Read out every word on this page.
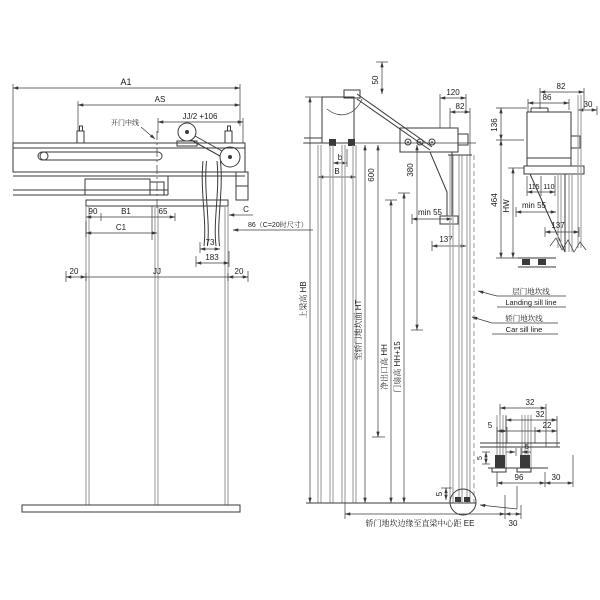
A1
AS
JJ/2 +106
开门中线
90	B1	65
C1
C
86（C=20时尺寸）
73
183
20	JJ	20
50
120
82
min 55
137
b
B
上梁高 HB	至轿门地坎面 HT
600
净出口高 HH 门扇高 HH+15
380
5
轿门地坎边缘至直梁中心距 EE	30
82
86
30
136
464 HW
115 110
min 55
137
层门地坎线
Landing sill line
轿门地坎线
Car sill line
32
32
5	22
5
5
96	30
